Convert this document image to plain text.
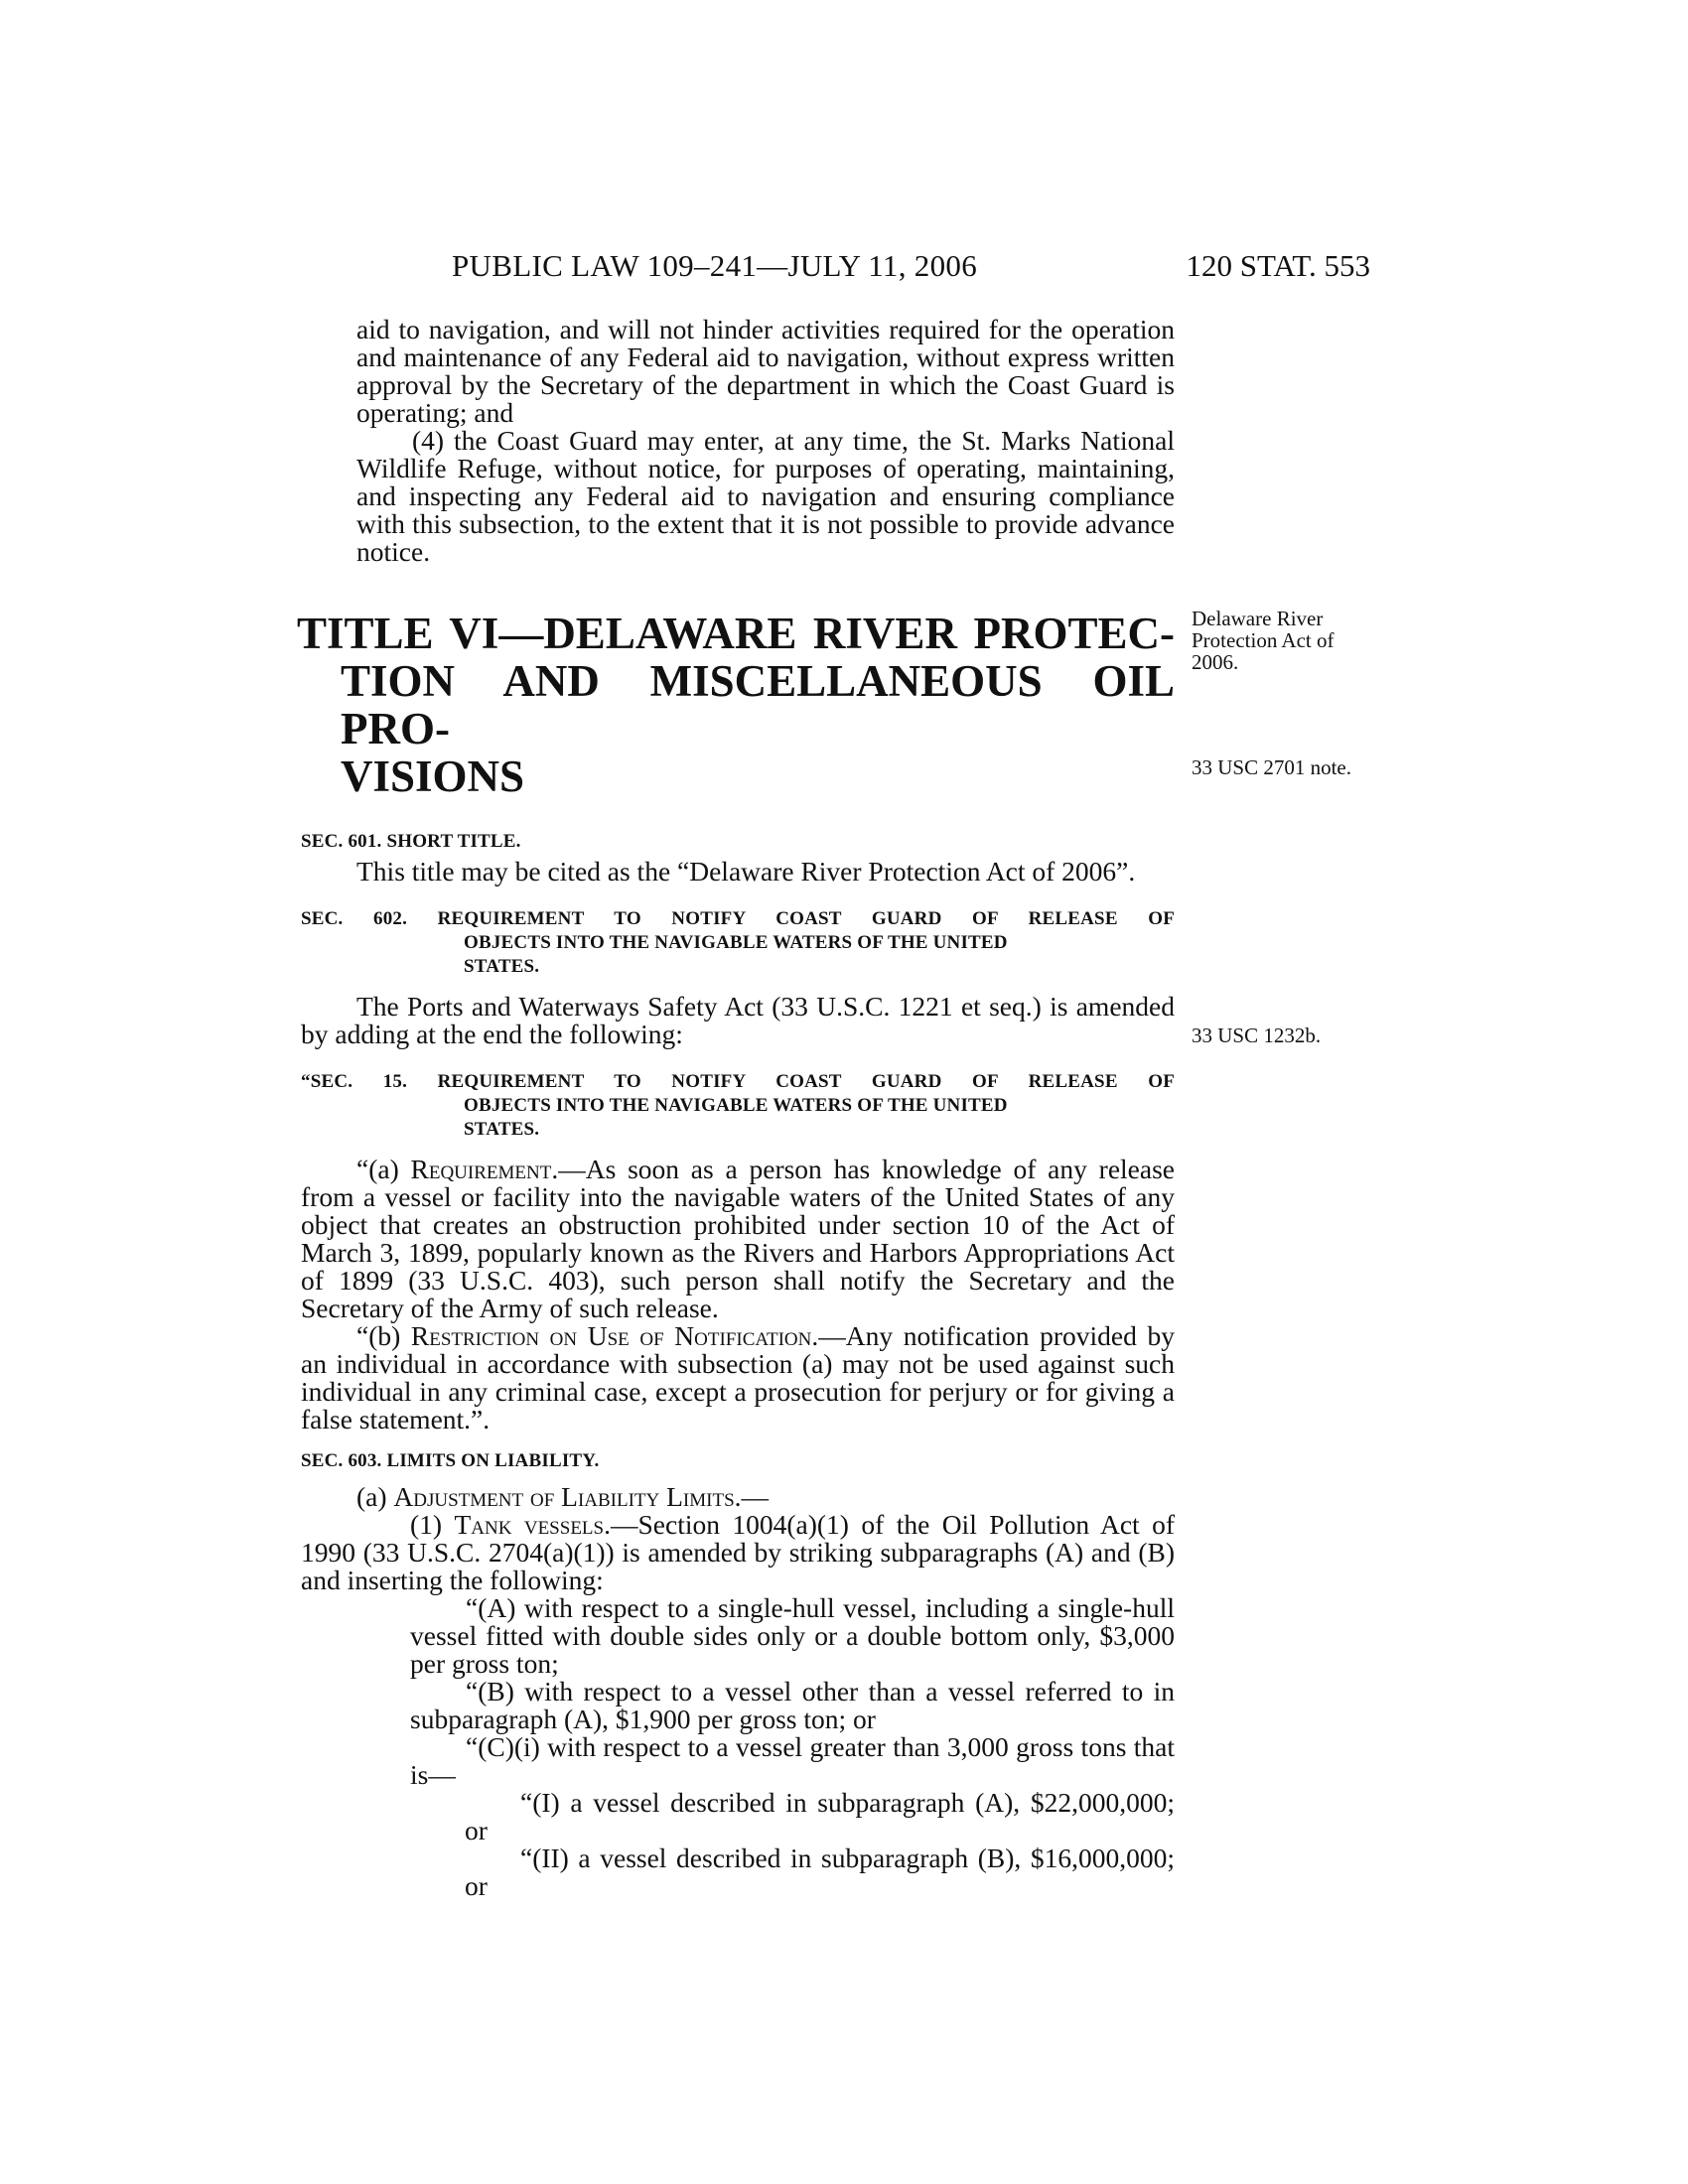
PUBLIC LAW 109–241—JULY 11, 2006	120 STAT. 553

aid to navigation, and will not hinder activities required for the operation and maintenance of any Federal aid to navigation, without express written approval by the Secretary of the department in which the Coast Guard is operating; and

(4) the Coast Guard may enter, at any time, the St. Marks National Wildlife Refuge, without notice, for purposes of operating, maintaining, and inspecting any Federal aid to navigation and ensuring compliance with this subsection, to the extent that it is not possible to provide advance notice.

TITLE VI—DELAWARE RIVER PROTEC-
TION AND MISCELLANEOUS OIL PRO-
VISIONS

SEC. 601. SHORT TITLE.

This title may be cited as the “Delaware River Protection Act of 2006”.

SEC. 602. REQUIREMENT TO NOTIFY COAST GUARD OF RELEASE OF
OBJECTS INTO THE NAVIGABLE WATERS OF THE UNITED
STATES.

The Ports and Waterways Safety Act (33 U.S.C. 1221 et seq.) is amended by adding at the end the following:

“SEC. 15. REQUIREMENT TO NOTIFY COAST GUARD OF RELEASE OF
OBJECTS INTO THE NAVIGABLE WATERS OF THE UNITED
STATES.

“(a) Requirement.—As soon as a person has knowledge of any release from a vessel or facility into the navigable waters of the United States of any object that creates an obstruction prohibited under section 10 of the Act of March 3, 1899, popularly known as the Rivers and Harbors Appropriations Act of 1899 (33 U.S.C. 403), such person shall notify the Secretary and the Secretary of the Army of such release.

“(b) Restriction on Use of Notification.—Any notification provided by an individual in accordance with subsection (a) may not be used against such individual in any criminal case, except a prosecution for perjury or for giving a false statement.”.

SEC. 603. LIMITS ON LIABILITY.

(a) Adjustment of Liability Limits.—

(1) Tank vessels.—Section 1004(a)(1) of the Oil Pollution Act of 1990 (33 U.S.C. 2704(a)(1)) is amended by striking subparagraphs (A) and (B) and inserting the following:

“(A) with respect to a single-hull vessel, including a single-hull vessel fitted with double sides only or a double bottom only, $3,000 per gross ton;

“(B) with respect to a vessel other than a vessel referred to in subparagraph (A), $1,900 per gross ton; or

“(C)(i) with respect to a vessel greater than 3,000 gross tons that is—

“(I) a vessel described in subparagraph (A), $22,000,000; or

“(II) a vessel described in subparagraph (B), $16,000,000; or

Delaware River Protection Act of 2006.
33 USC 2701 note.
33 USC 1232b.
